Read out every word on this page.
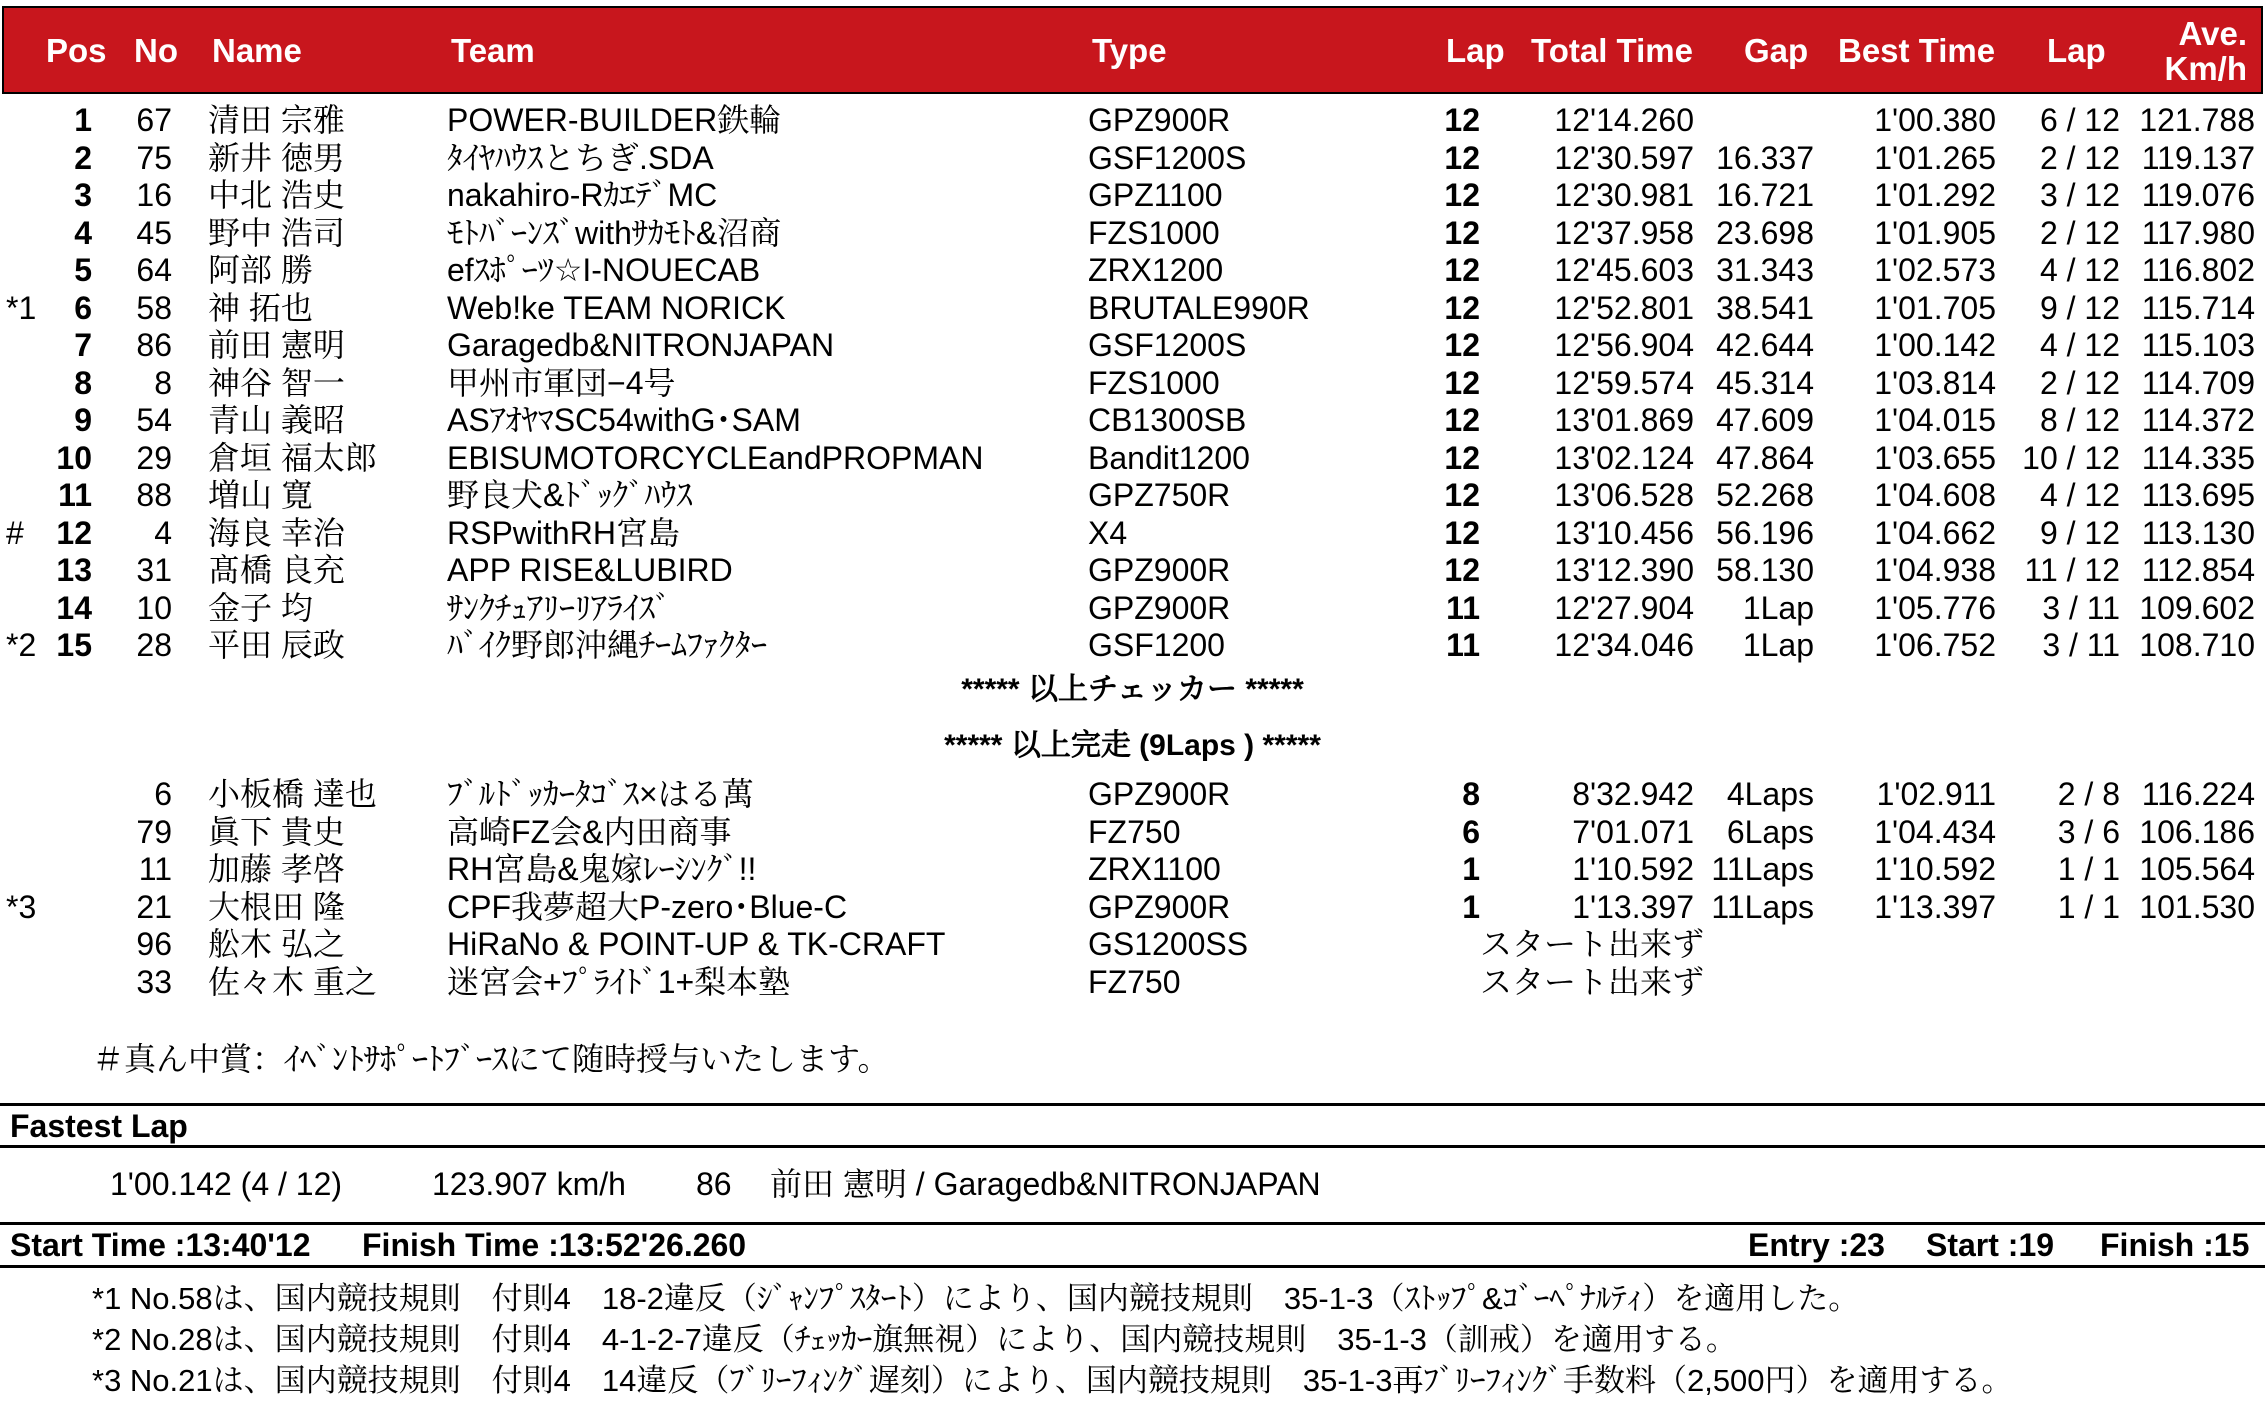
Pos No Name	Team	Type	Lap Total Time Gap Best Time Lap	Ave.
Km/h
1	67 清田 宗雅	POWER-BUILDER鉄輪	GPZ900R	12	12'14.260	1'00.380	6 / 12 121.788
2	75 新井 徳男	ﾀｲﾔﾊｳｽとちぎ.SDA	GSF1200S	12	12'30.597 16.337	1'01.265	2 / 12 119.137
3	16 中北 浩史	nakahiro-RｶｴﾃﾞMC	GPZ1100	12	12'30.981 16.721	1'01.292	3 / 12 119.076
4	45 野中 浩司	ﾓﾄﾊﾞｰﾝｽﾞwithｻｶﾓﾄ&沼商	FZS1000	12	12'37.958 23.698	1'01.905	2 / 12 117.980
5	64 阿部 勝	efｽﾎﾟｰﾂ☆I-NOUECAB	ZRX1200	12	12'45.603 31.343	1'02.573	4 / 12 116.802
*1	6	58 神 拓也	Web!ke TEAM NORICK	BRUTALE990R	12	12'52.801 38.541	1'01.705	9 / 12 115.714
7	86 前田 憲明	Garagedb&NITRONJAPAN	GSF1200S	12	12'56.904 42.644	1'00.142	4 / 12 115.103
8	8 神谷 智一	甲州市軍団−4号	FZS1000	12	12'59.574 45.314	1'03.814	2 / 12 114.709
9	54 青山 義昭	ASｱｵﾔﾏSC54withG･SAM	CB1300SB	12	13'01.869 47.609	1'04.015	8 / 12 114.372
10	29 倉垣 福太郎	EBISUMOTORCYCLEandPROPMAN	Bandit1200	12	13'02.124 47.864	1'03.655 10 / 12 114.335
11	88 増山 寛	野良犬&ﾄﾞｯｸﾞﾊｳｽ	GPZ750R	12	13'06.528 52.268	1'04.608	4 / 12 113.695
#	12	4 海良 幸治	RSPwithRH宮島	X4	12	13'10.456 56.196	1'04.662	9 / 12 113.130
13	31 髙橋 良充	APP RISE&LUBIRD	GPZ900R	12	13'12.390 58.130	1'04.938 11 / 12 112.854
14	10 金子 均	ｻﾝｸﾁｭｱﾘｰﾘｱﾗｲｽﾞ	GPZ900R	11	12'27.904	1Lap	1'05.776	3 / 11 109.602
*2 15	28 平田 辰政	ﾊﾞｲｸ野郎沖縄ﾁｰﾑﾌｧｸﾀｰ	GSF1200	11	12'34.046	1Lap	1'06.752	3 / 11 108.710
***** 以上チェッカー *****
***** 以上完走 (9Laps ) *****
6 小板橋 達也	ﾌﾞﾙﾄﾞｯｶｰﾀｺﾞｽ×はる萬	GPZ900R	8	8'32.942	4Laps	1'02.911	2 / 8 116.224
79 眞下 貴史	高崎FZ会&内田商事	FZ750	6	7'01.071	6Laps	1'04.434	3 / 6 106.186
11 加藤 孝啓	RH宮島&鬼嫁ﾚｰｼﾝｸﾞ!!	ZRX1100	1	1'10.592 11Laps	1'10.592	1 / 1 105.564
*3	21 大根田 隆	CPF我夢超大P-zero･Blue-C	GPZ900R	1	1'13.397 11Laps	1'13.397	1 / 1 101.530
96 舩木 弘之	HiRaNo & POINT-UP & TK-CRAFT	GS1200SS	スタート出来ず
33 佐々木 重之	迷宮会+ﾌﾟﾗｲﾄﾞ1+梨本塾	FZ750	スタート出来ず
＃真ん中賞：ｲﾍﾞﾝﾄｻﾎﾟｰﾄﾌﾞｰｽにて随時授与いたします。
Fastest Lap
1'00.142 (4 / 12)	123.907 km/h 86 前田 憲明 / Garagedb&NITRONJAPAN
Start Time :13:40'12 Finish Time :13:52'26.260	Entry :23 Start :19 Finish :15
*1 No.58は、国内競技規則　付則4　18-2違反（ｼﾞｬﾝﾌﾟｽﾀｰﾄ）により、国内競技規則　35-1-3（ｽﾄｯﾌﾟ&ｺﾞｰﾍﾟﾅﾙﾃｨ）を適用した。
*2 No.28は、国内競技規則　付則4　4-1-2-7違反（ﾁｪｯｶｰ旗無視）により、国内競技規則　35-1-3（訓戒）を適用する。
*3 No.21は、国内競技規則　付則4　14違反（ﾌﾞﾘｰﾌｨﾝｸﾞ遅刻）により、国内競技規則　35-1-3再ﾌﾞﾘｰﾌｨﾝｸﾞ手数料（2,500円）を適用する。
